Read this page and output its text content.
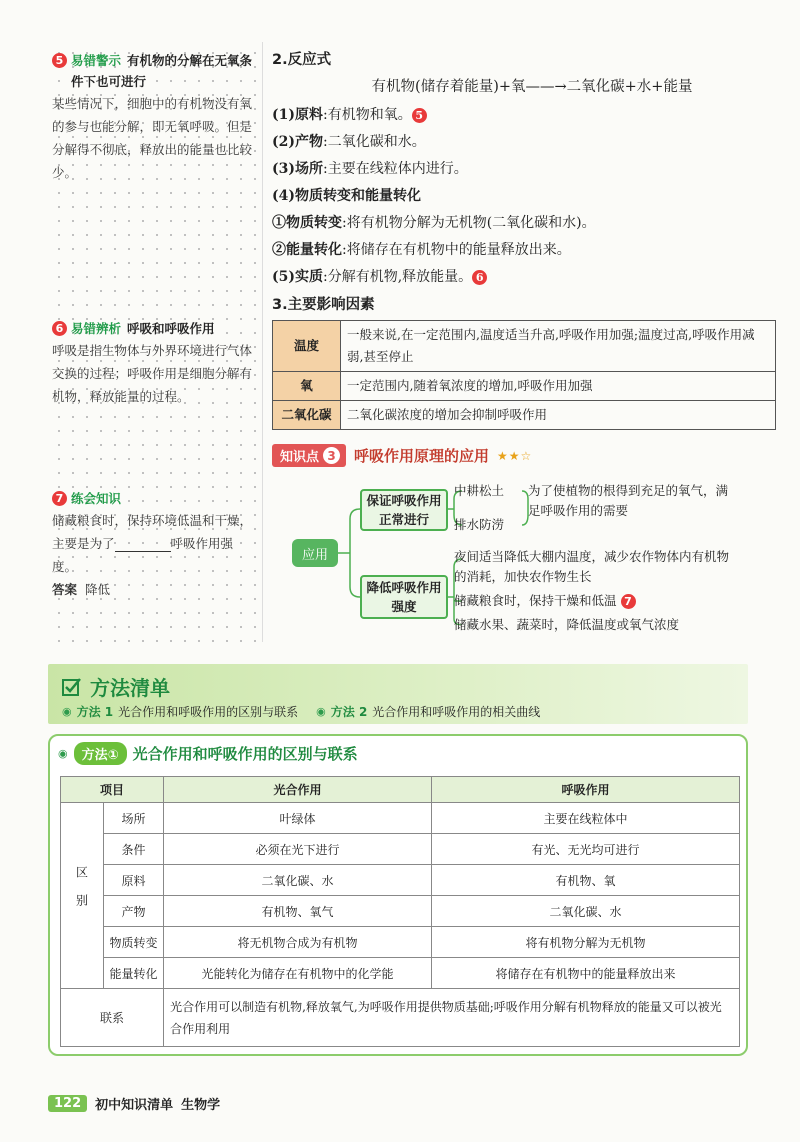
5 易错警示 有机物的分解在无氧条件下也可进行
某些情况下，细胞中的有机物没有氧的参与也能分解，即无氧呼吸。但是分解得不彻底，释放出的能量也比较少。
6 易错辨析 呼吸和呼吸作用
呼吸是指生物体与外界环境进行气体交换的过程；呼吸作用是细胞分解有机物，释放能量的过程。
7 练会知识
储藏粮食时，保持环境低温和干燥，主要是为了	呼吸作用强度。
答案 降低
2.反应式
有机物(储存着能量)+氧——→二氧化碳+水+能量
(1)原料:有机物和氧。 5
(2)产物:二氧化碳和水。
(3)场所:主要在线粒体内进行。
(4)物质转变和能量转化
①物质转变:将有机物分解为无机物(二氧化碳和水)。
②能量转化:将储存在有机物中的能量释放出来。
(5)实质:分解有机物,释放能量。 6
3.主要影响因素
温度	一般来说,在一定范围内,温度适当升高,呼吸作用加强;温度过高,呼吸作用减弱,甚至停止
氧	一定范围内,随着氧浓度的增加,呼吸作用加强
二氧化碳	二氧化碳浓度的增加会抑制呼吸作用
知识点 3 呼吸作用原理的应用 ★★☆
应用
保证呼吸作用正常进行
中耕松土
排水防涝
为了使植物的根得到充足的氧气，满足呼吸作用的需要
降低呼吸作用强度
夜间适当降低大棚内温度，减少农作物体内有机物的消耗，加快农作物生长
储藏粮食时，保持干燥和低温 7
储藏水果、蔬菜时，降低温度或氧气浓度
方法清单
◉ 方法 1 光合作用和呼吸作用的区别与联系 ◉ 方法 2 光合作用和呼吸作用的相关曲线
◉	方法① 光合作用和呼吸作用的区别与联系
项目		光合作用	呼吸作用
区别	场所	叶绿体	主要在线粒体中
	条件	必须在光下进行	有光、无光均可进行
	原料	二氧化碳、水	有机物、氧
	产物	有机物、氧气	二氧化碳、水
	物质转变	将无机物合成为有机物	将有机物分解为无机物
	能量转化	光能转化为储存在有机物中的化学能	将储存在有机物中的能量释放出来
联系		光合作用可以制造有机物,释放氧气,为呼吸作用提供物质基础;呼吸作用分解有机物释放的能量又可以被光合作用利用	
122	初中知识清单 生物学
